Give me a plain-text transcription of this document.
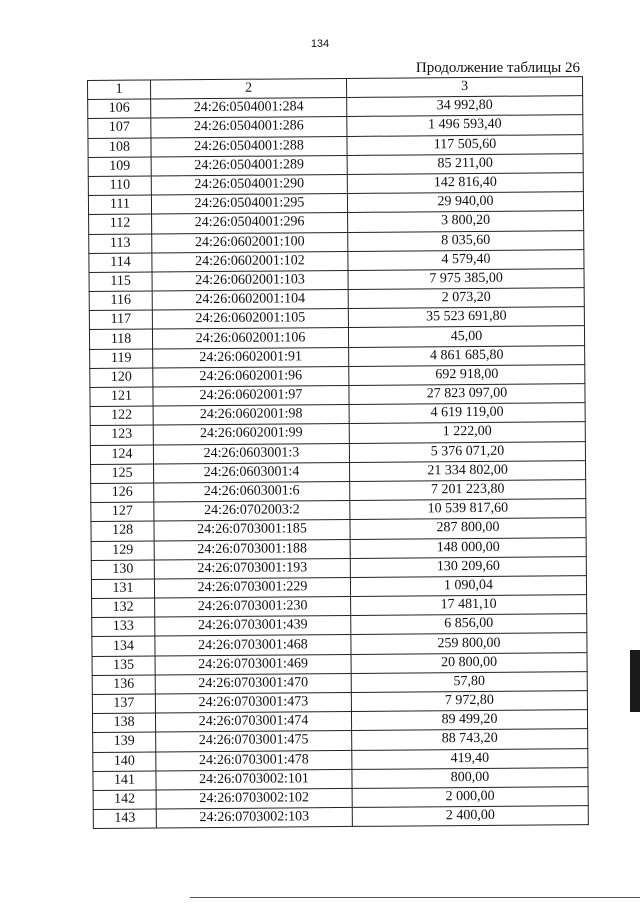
134
Продолжение таблицы 26
1	2	3
106	24:26:0504001:284	34 992,80
107	24:26:0504001:286	1 496 593,40
108	24:26:0504001:288	117 505,60
109	24:26:0504001:289	85 211,00
110	24:26:0504001:290	142 816,40
111	24:26:0504001:295	29 940,00
112	24:26:0504001:296	3 800,20
113	24:26:0602001:100	8 035,60
114	24:26:0602001:102	4 579,40
115	24:26:0602001:103	7 975 385,00
116	24:26:0602001:104	2 073,20
117	24:26:0602001:105	35 523 691,80
118	24:26:0602001:106	45,00
119	24:26:0602001:91	4 861 685,80
120	24:26:0602001:96	692 918,00
121	24:26:0602001:97	27 823 097,00
122	24:26:0602001:98	4 619 119,00
123	24:26:0602001:99	1 222,00
124	24:26:0603001:3	5 376 071,20
125	24:26:0603001:4	21 334 802,00
126	24:26:0603001:6	7 201 223,80
127	24:26:0702003:2	10 539 817,60
128	24:26:0703001:185	287 800,00
129	24:26:0703001:188	148 000,00
130	24:26:0703001:193	130 209,60
131	24:26:0703001:229	1 090,04
132	24:26:0703001:230	17 481,10
133	24:26:0703001:439	6 856,00
134	24:26:0703001:468	259 800,00
135	24:26:0703001:469	20 800,00
136	24:26:0703001:470	57,80
137	24:26:0703001:473	7 972,80
138	24:26:0703001:474	89 499,20
139	24:26:0703001:475	88 743,20
140	24:26:0703001:478	419,40
141	24:26:0703002:101	800,00
142	24:26:0703002:102	2 000,00
143	24:26:0703002:103	2 400,00
